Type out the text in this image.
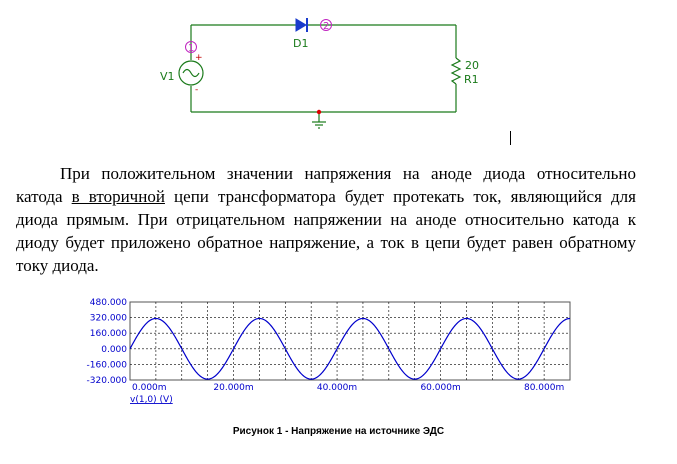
1
2
V1
+
-
D1
20
R1

При положительном значении напряжения на аноде диода относительно катода в вторичной цепи трансформатора будет протекать ток, являющийся для диода прямым. При отрицательном напряжении на аноде относительно катода к диоду будет приложено обратное напряжение, а ток в цепи будет равен обратному току диода.

480.000
320.000
160.000
0.000
-160.000
-320.000
0.000m	20.000m	40.000m	60.000m	80.000m
v(1,0) (V)
Рисунок 1 - Напряжение на источнике ЭДС
